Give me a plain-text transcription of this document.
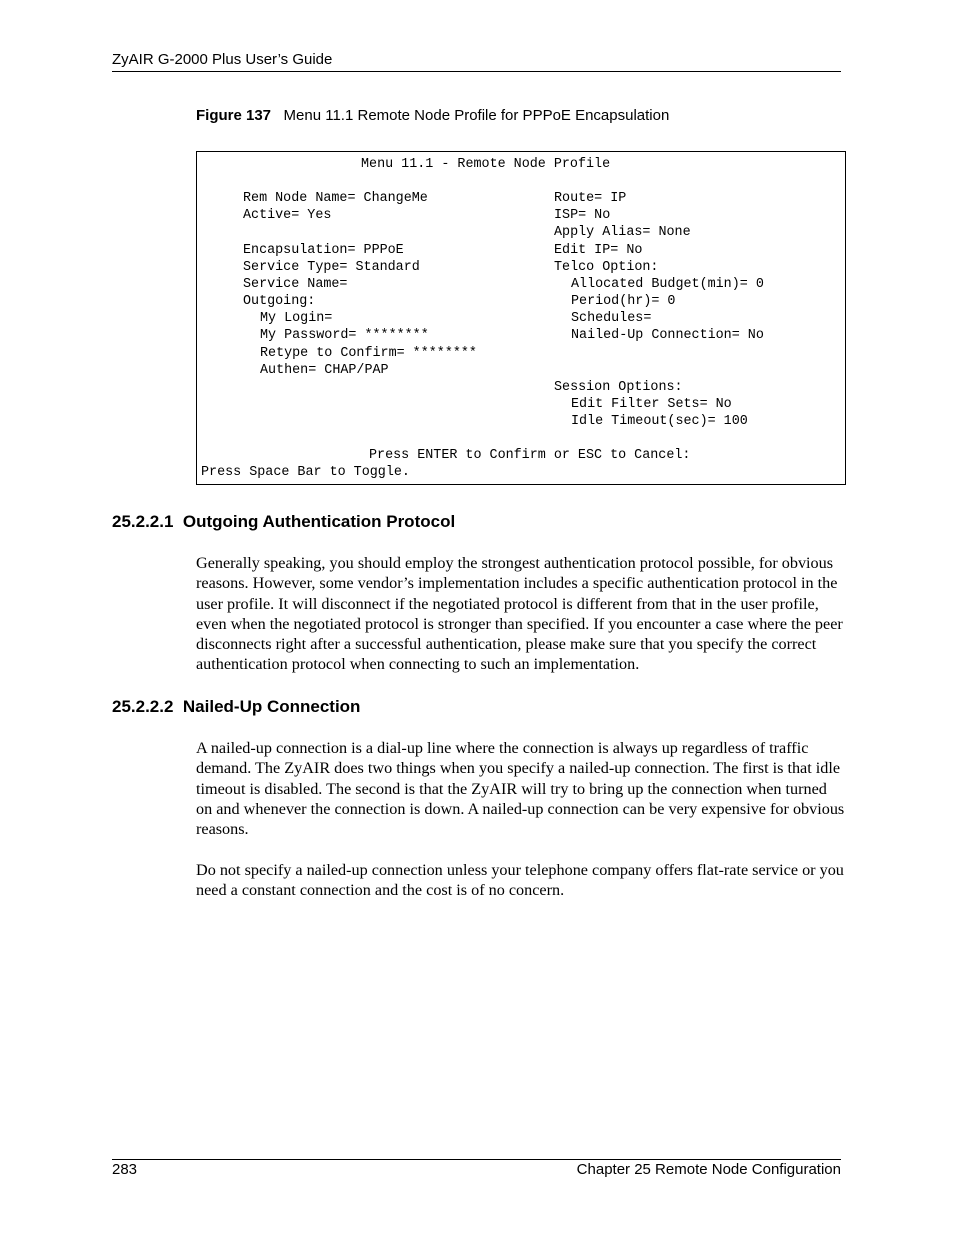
ZyAIR G-2000 Plus User’s Guide
Figure 137 Menu 11.1 Remote Node Profile for PPPoE Encapsulation
Menu 11.1 - Remote Node Profile
Rem Node Name= ChangeMe
Active= Yes
Encapsulation= PPPoE
Service Type= Standard
Service Name=
Outgoing:
My Login=
My Password= ********
Retype to Confirm= ********
Authen= CHAP/PAP
Route= IP
ISP= No
Apply Alias= None
Edit IP= No
Telco Option:
Allocated Budget(min)= 0
Period(hr)= 0
Schedules=
Nailed-Up Connection= No
Session Options:
Edit Filter Sets= No
Idle Timeout(sec)= 100
Press ENTER to Confirm or ESC to Cancel:
Press Space Bar to Toggle.
25.2.2.1  Outgoing Authentication Protocol
Generally speaking, you should employ the strongest authentication protocol possible, for obvious reasons. However, some vendor’s implementation includes a specific authentication protocol in the user profile. It will disconnect if the negotiated protocol is different from that in the user profile, even when the negotiated protocol is stronger than specified. If you encounter a case where the peer disconnects right after a successful authentication, please make sure that you specify the correct authentication protocol when connecting to such an implementation.
25.2.2.2  Nailed-Up Connection
A nailed-up connection is a dial-up line where the connection is always up regardless of traffic demand. The ZyAIR does two things when you specify a nailed-up connection. The first is that idle timeout is disabled. The second is that the ZyAIR will try to bring up the connection when turned on and whenever the connection is down. A nailed-up connection can be very expensive for obvious reasons.
Do not specify a nailed-up connection unless your telephone company offers flat-rate service or you need a constant connection and the cost is of no concern.
283	Chapter 25 Remote Node Configuration
